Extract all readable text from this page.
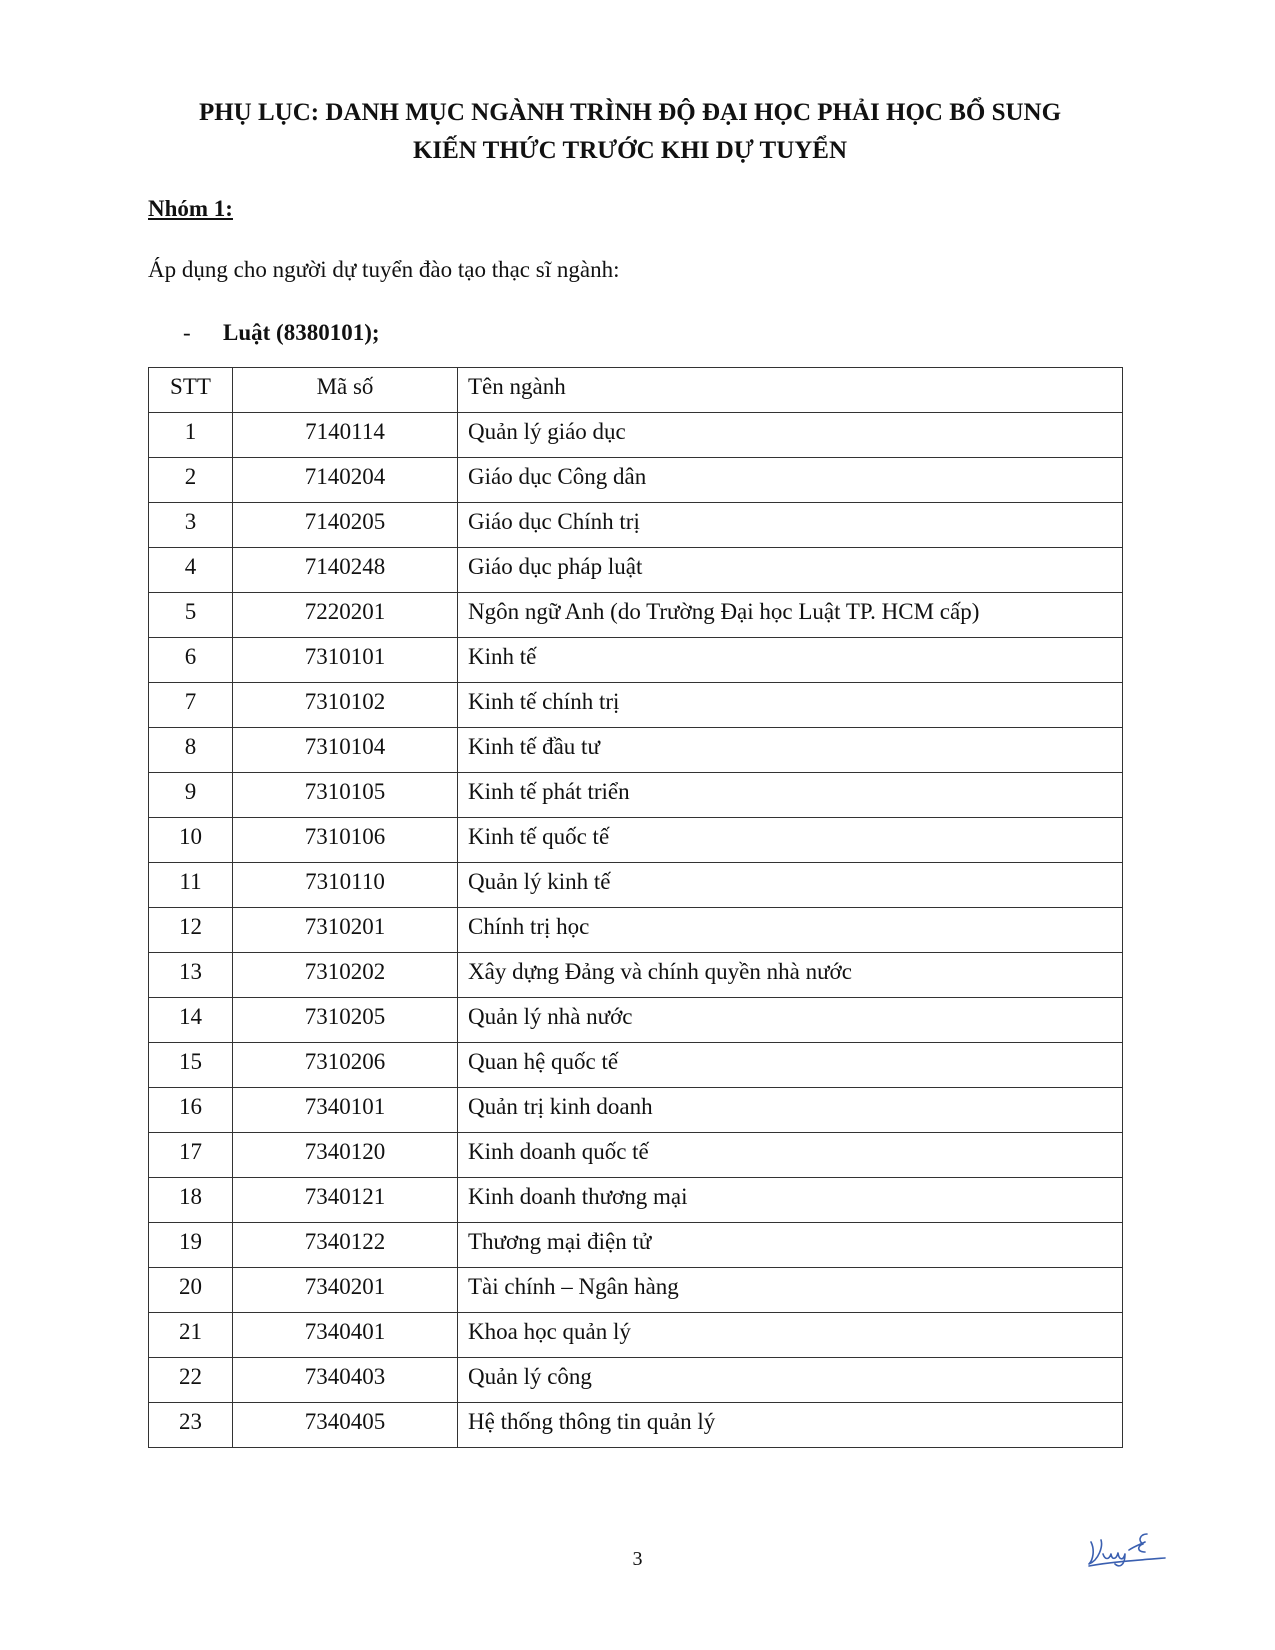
PHỤ LỤC: DANH MỤC NGÀNH TRÌNH ĐỘ ĐẠI HỌC PHẢI HỌC BỔ SUNG
KIẾN THỨC TRƯỚC KHI DỰ TUYỂN
Nhóm 1:
Áp dụng cho người dự tuyển đào tạo thạc sĩ ngành:
- Luật (8380101);
STT	Mã số	Tên ngành
1	7140114	Quản lý giáo dục
2	7140204	Giáo dục Công dân
3	7140205	Giáo dục Chính trị
4	7140248	Giáo dục pháp luật
5	7220201	Ngôn ngữ Anh (do Trường Đại học Luật TP. HCM cấp)
6	7310101	Kinh tế
7	7310102	Kinh tế chính trị
8	7310104	Kinh tế đầu tư
9	7310105	Kinh tế phát triển
10	7310106	Kinh tế quốc tế
11	7310110	Quản lý kinh tế
12	7310201	Chính trị học
13	7310202	Xây dựng Đảng và chính quyền nhà nước
14	7310205	Quản lý nhà nước
15	7310206	Quan hệ quốc tế
16	7340101	Quản trị kinh doanh
17	7340120	Kinh doanh quốc tế
18	7340121	Kinh doanh thương mại
19	7340122	Thương mại điện tử
20	7340201	Tài chính – Ngân hàng
21	7340401	Khoa học quản lý
22	7340403	Quản lý công
23	7340405	Hệ thống thông tin quản lý
3
